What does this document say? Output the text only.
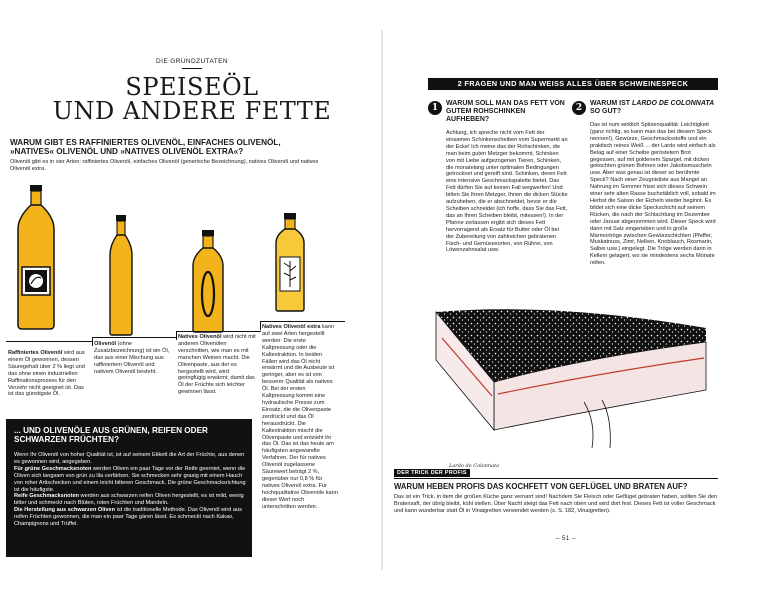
DIE GRUNDZUTATEN
SPEISEÖL
UND ANDERE FETTE
WARUM GIBT ES RAFFINIERTES OLIVENÖL, EINFACHES OLIVENÖL, »NATIVES« OLIVENÖL UND »NATIVES OLIVENÖL EXTRA«?
Olivenöl gibt es in vier Arten: raffiniertes Olivenöl, einfaches Olivenöl (generische Bezeichnung), natives Olivenöl und natives Olivenöl extra.
Raffiniertes Olivenöl wird aus einem Öl gewonnen, dessen Säuregehalt über 2 % liegt und das ohne einen industriellen Raffinationsprozess für den Verzehr nicht geeignet ist. Das ist das günstigste Öl.
Olivenöl (ohne Zusatzbezeichnung) ist ein Öl, das aus einer Mischung aus raffiniertem Olivenöl und nativem Olivenöl besteht.
Natives Olivenöl wird nicht mit anderen Olivenölen verschnitten, wie man es mit manchen Weinen macht. Die Olivenpaste, aus der es hergestellt wird, wird geringfügig erwärmt, damit das Öl der Früchte sich leichter gewinnen lässt.
Natives Olivenöl extra kann auf zwei Arten hergestellt werden: Die erste Kaltpressung oder die Kaltextraktion. In beiden Fällen wird das Öl nicht erwärmt und die Ausbeute ist geringer, aber es ist von besserer Qualität als natives Öl. Bei der ersten Kaltpressung kommt eine hydraulische Presse zum Einsatz, die die Olivenpaste zerdrückt und das Öl herausdrückt. Die Kaltextraktion mischt die Olivenpaste und entzieht ihr das Öl. Das ist das heute am häufigsten angewandte Verfahren. Der für natives Olivenöl zugelassene Säurewert beträgt 2 %, gegenüber nur 0,8 % für natives Olivenöl extra. Für hochqualitative Olivenöle kann dieser Wert noch unterschritten werden.
... UND OLIVENÖLE AUS GRÜNEN, REIFEN ODER SCHWARZEN FRÜCHTEN?
Wenn Ihr Olivenöl von hoher Qualität ist, ist auf seinem Etikett die Art der Früchte, aus denen es gewonnen wird, angegeben.
Für grüne Geschmacksnoten werden Oliven ein paar Tage vor der Reife geerntet, wenn die Oliven sich langsam von grün zu lila verfärben. Sie schmecken sehr grasig mit einem Hauch von roher Artischocken und einem leicht bitteren Geschmack. Die grüne Geschmacksrichtung ist die häufigste.
Reife Geschmacksnoten werden aus schwarzen reifen Oliven hergestellt, es ist mild, wenig bitter und schmeckt nach Blüten, roten Früchten und Mandeln.
Die Herstellung aus schwarzen Oliven ist die traditionelle Methode. Das Olivenöl wird aus reifen Früchten gewonnen, die man ein paar Tage gären lässt. Es schmeckt nach Kakao, Champignons und Trüffel.
– 50 –
2 FRAGEN UND MAN WEISS ALLES ÜBER SCHWEINESPECK
1	WARUM SOLL MAN DAS FETT VON GUTEM ROHSCHINKEN AUFHEBEN?
Achtung, ich spreche nicht vom Fett der einsamen Schinkenscheiben vom Supermarkt an der Ecke! Ich meine das der Rohschinken, die man beim guten Metzger bekommt, Schinken von mit Liebe aufgezogenen Tieren, Schinken, die monatelang unter optimalen Bedingungen getrocknet und gereift sind. Schinken, deren Fett eine intensive Geschmackspalette bietet. Das Fett dürfen Sie auf keinen Fall wegwerfen! Und bitten Sie Ihren Metzger, Ihnen die dicken Stücke aufzuheben, die er abschneidet, bevor er die Scheiben schneidet (ich hoffe, dass Sie das Fett, das an Ihren Scheiben bleibt, mitessen!). In der Pfanne zerlassen ergibt sich dieses Fett hervorragend als Ersatz für Butter oder Öl bei der Zubereitung von zahlreichen gebratenen Fisch- und Gemüsesorten, von Rührei, von Löwenzahnsalat usw.
2	WARUM IST LARDO DE COLONNATA SO GUT?
Das ist num wirklich Spitzenqualität: Leichtigkeit (ganz richtig, so kann man das bei diesem Speck nennen!), Gewürze, Geschmacksstoffe und ein praktisch reines Weiß ... der Lardo wird einfach als Belag auf einer Scheibe geröstetem Brot gegessen, auf mit goldenem Spargel, mit dicken gekochten grünen Bohnen oder Jakobsmuscheln usw. Aber was genau ist dieser so berühmte Speck? Nach einer Zeugnisliste aus Mangel an Nahrung im Sommer frisst sich dieses Schwein einer sehr alten Rasse buchstäblich voll, sobald im Herbst die Saison der Eicheln wieder beginnt. Es bildet sich eine dicke Speckschicht auf seinem Rücken, die nach der Schlachtung im Dezember oder Januar abgenommen wird. Dieser Speck wird dann mit Salz eingerieben und in große Marmortröge zwischen Gewürzschichten (Pfeffer, Muskatnuss, Zimt, Nelken, Knoblauch, Rosmarin, Salbei usw.) eingelegt. Die Tröge werden dann in Kellern gelagert, wo sie mindestens sechs Monate reifen.
Lardo de Colonnata
DER TRICK DER PROFIS
WARUM HEBEN PROFIS DAS KOCHFETT VON GEFLÜGEL UND BRATEN AUF?
Das ist ein Trick, in dem die großen Küche ganz vernarrt sind! Nachdem Sie Fleisch oder Geflügel gebraten haben, sollten Sie den Bratensaft, der übrig bleibt, kühl stellen. Über Nacht steigt das Fett nach oben und wird dort fest. Dieses Fett ist voller Geschmack und kann wunderbar statt Öl in Vinaigretten verwendet werden (s. S. 182, Vinaigretten).
– 51 –
